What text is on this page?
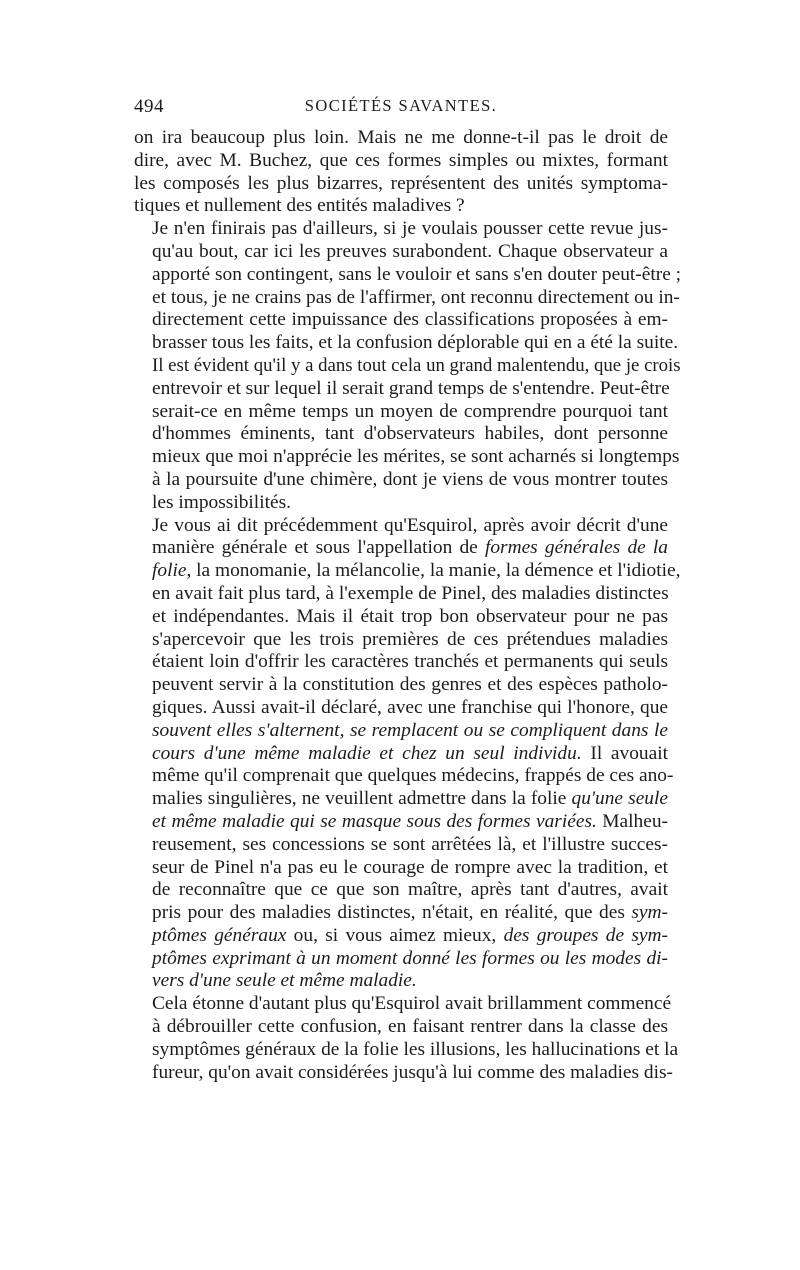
494	SOCIÉTÉS SAVANTES.
on ira beaucoup plus loin. Mais ne me donne-t-il pas le droit de
dire, avec M. Buchez, que ces formes simples ou mixtes, formant
les composés les plus bizarres, représentent des unités symptoma-
tiques et nullement des entités maladives ?
Je n'en finirais pas d'ailleurs, si je voulais pousser cette revue jus-
qu'au bout, car ici les preuves surabondent. Chaque observateur a
apporté son contingent, sans le vouloir et sans s'en douter peut-être ;
et tous, je ne crains pas de l'affirmer, ont reconnu directement ou in-
directement cette impuissance des classifications proposées à em-
brasser tous les faits, et la confusion déplorable qui en a été la suite.
Il est évident qu'il y a dans tout cela un grand malentendu, que je crois
entrevoir et sur lequel il serait grand temps de s'entendre. Peut-être
serait-ce en même temps un moyen de comprendre pourquoi tant
d'hommes éminents, tant d'observateurs habiles, dont personne
mieux que moi n'apprécie les mérites, se sont acharnés si longtemps
à la poursuite d'une chimère, dont je viens de vous montrer toutes
les impossibilités.
Je vous ai dit précédemment qu'Esquirol, après avoir décrit d'une
manière générale et sous l'appellation de formes générales de la
folie, la monomanie, la mélancolie, la manie, la démence et l'idiotie,
en avait fait plus tard, à l'exemple de Pinel, des maladies distinctes
et indépendantes. Mais il était trop bon observateur pour ne pas
s'apercevoir que les trois premières de ces prétendues maladies
étaient loin d'offrir les caractères tranchés et permanents qui seuls
peuvent servir à la constitution des genres et des espèces patholo-
giques. Aussi avait-il déclaré, avec une franchise qui l'honore, que
souvent elles s'alternent, se remplacent ou se compliquent dans le
cours d'une même maladie et chez un seul individu. Il avouait
même qu'il comprenait que quelques médecins, frappés de ces ano-
malies singulières, ne veuillent admettre dans la folie qu'une seule
et même maladie qui se masque sous des formes variées. Malheu-
reusement, ses concessions se sont arrêtées là, et l'illustre succes-
seur de Pinel n'a pas eu le courage de rompre avec la tradition, et
de reconnaître que ce que son maître, après tant d'autres, avait
pris pour des maladies distinctes, n'était, en réalité, que des sym-
ptômes généraux ou, si vous aimez mieux, des groupes de sym-
ptômes exprimant à un moment donné les formes ou les modes di-
vers d'une seule et même maladie.
Cela étonne d'autant plus qu'Esquirol avait brillamment commencé
à débrouiller cette confusion, en faisant rentrer dans la classe des
symptômes généraux de la folie les illusions, les hallucinations et la
fureur, qu'on avait considérées jusqu'à lui comme des maladies dis-
